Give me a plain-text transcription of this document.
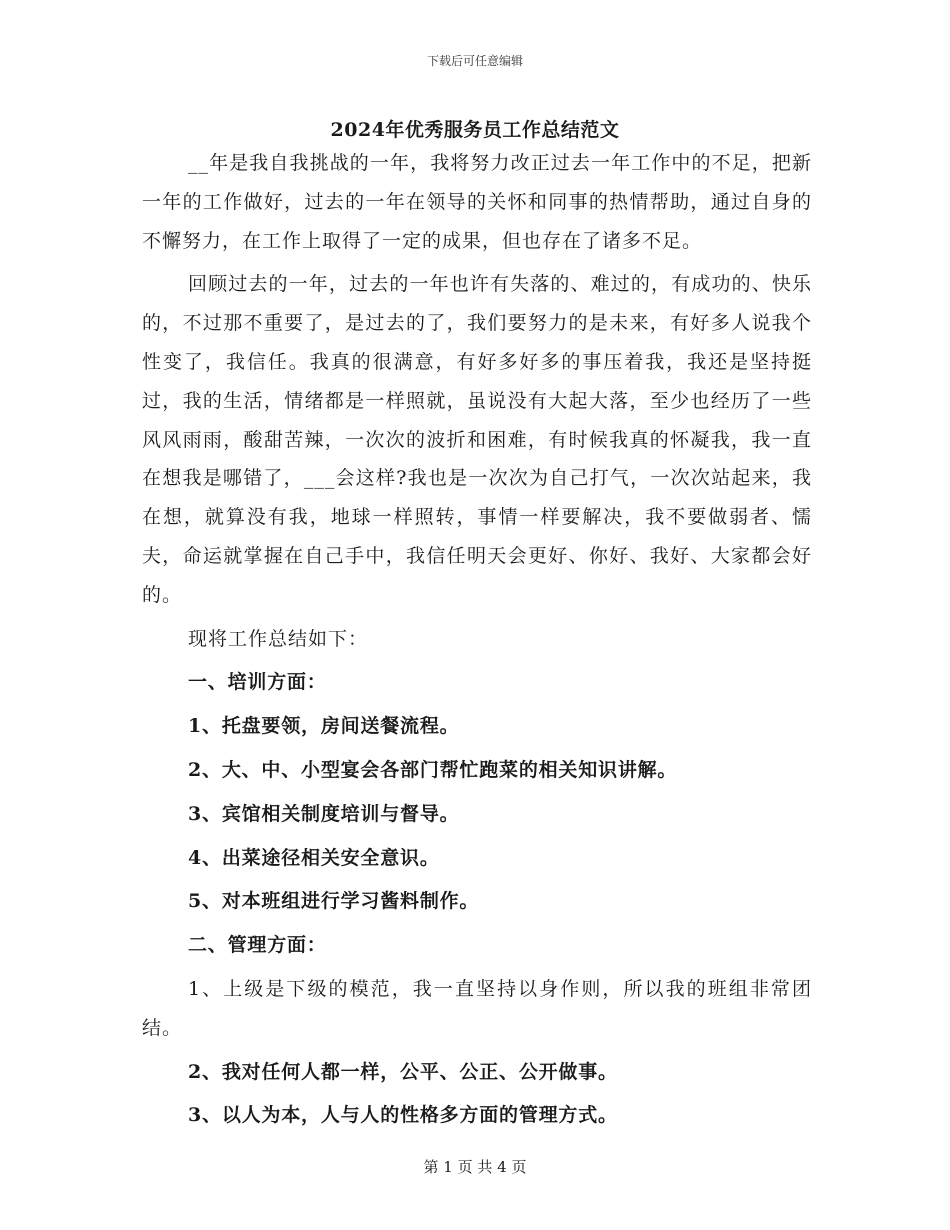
下载后可任意编辑
2024年优秀服务员工作总结范文

__年是我自我挑战的一年，我将努力改正过去一年工作中的不足，把新一年的工作做好，过去的一年在领导的关怀和同事的热情帮助，通过自身的不懈努力，在工作上取得了一定的成果，但也存在了诸多不足。

回顾过去的一年，过去的一年也许有失落的、难过的，有成功的、快乐的，不过那不重要了，是过去的了，我们要努力的是未来，有好多人说我个性变了，我信任。我真的很满意，有好多好多的事压着我，我还是坚持挺过，我的生活，情绪都是一样照就，虽说没有大起大落，至少也经历了一些风风雨雨，酸甜苦辣，一次次的波折和困难，有时候我真的怀凝我，我一直在想我是哪错了，___会这样?我也是一次次为自己打气，一次次站起来，我在想，就算没有我，地球一样照转，事情一样要解决，我不要做弱者、懦夫，命运就掌握在自己手中，我信任明天会更好、你好、我好、大家都会好的。

现将工作总结如下：

一、培训方面：

1、托盘要领，房间送餐流程。

2、大、中、小型宴会各部门帮忙跑菜的相关知识讲解。

3、宾馆相关制度培训与督导。

4、出菜途径相关安全意识。

5、对本班组进行学习酱料制作。

二、管理方面：

1、上级是下级的模范，我一直坚持以身作则，所以我的班组非常团结。

2、我对任何人都一样，公平、公正、公开做事。

3、以人为本，人与人的性格多方面的管理方式。

第 1 页 共 4 页
